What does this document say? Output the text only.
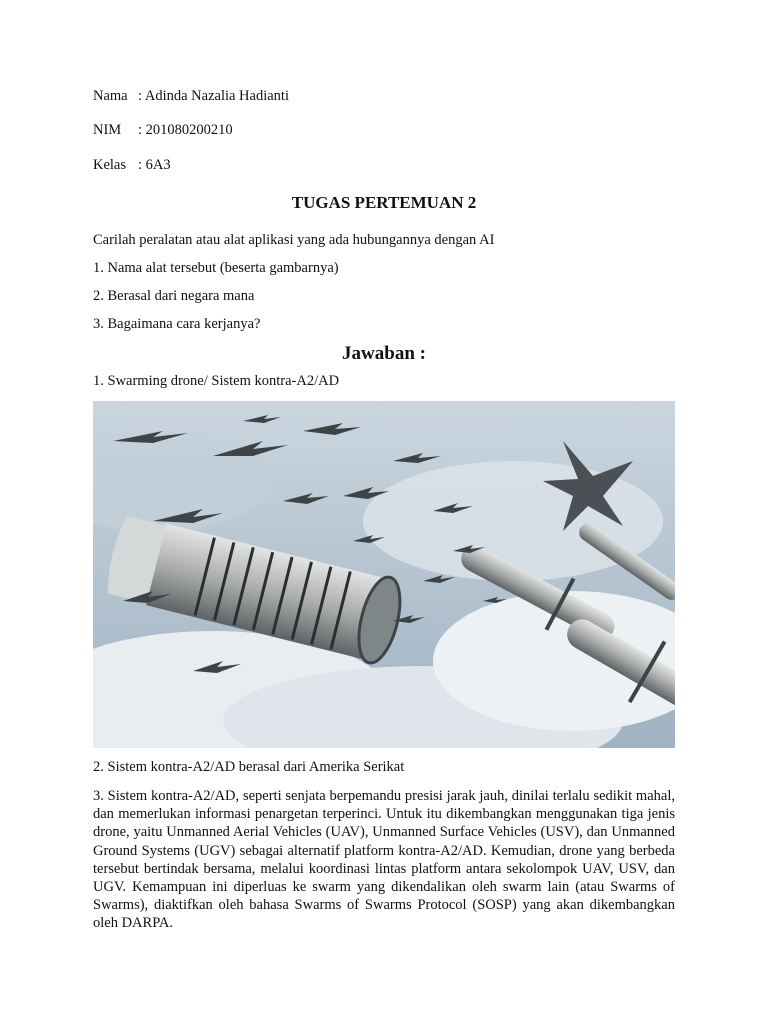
Nama : Adinda Nazalia Hadianti
NIM : 201080200210
Kelas : 6A3
TUGAS PERTEMUAN 2
Carilah peralatan atau alat aplikasi yang ada hubungannya dengan AI
1. Nama alat tersebut (beserta gambarnya)
2. Berasal dari negara mana
3. Bagaimana cara kerjanya?
Jawaban :
1. Swarming drone/ Sistem kontra-A2/AD
2. Sistem kontra-A2/AD berasal dari Amerika Serikat
3. Sistem kontra-A2/AD, seperti senjata berpemandu presisi jarak jauh, dinilai terlalu sedikit mahal, dan memerlukan informasi penargetan terperinci. Untuk itu dikembangkan menggunakan tiga jenis drone, yaitu Unmanned Aerial Vehicles (UAV), Unmanned Surface Vehicles (USV), dan Unmanned Ground Systems (UGV) sebagai alternatif platform kontra-A2/AD. Kemudian, drone yang berbeda tersebut bertindak bersama, melalui koordinasi lintas platform antara sekolompok UAV, USV, dan UGV. Kemampuan ini diperluas ke swarm yang dikendalikan oleh swarm lain (atau Swarms of Swarms), diaktifkan oleh bahasa Swarms of Swarms Protocol (SOSP) yang akan dikembangkan oleh DARPA.
